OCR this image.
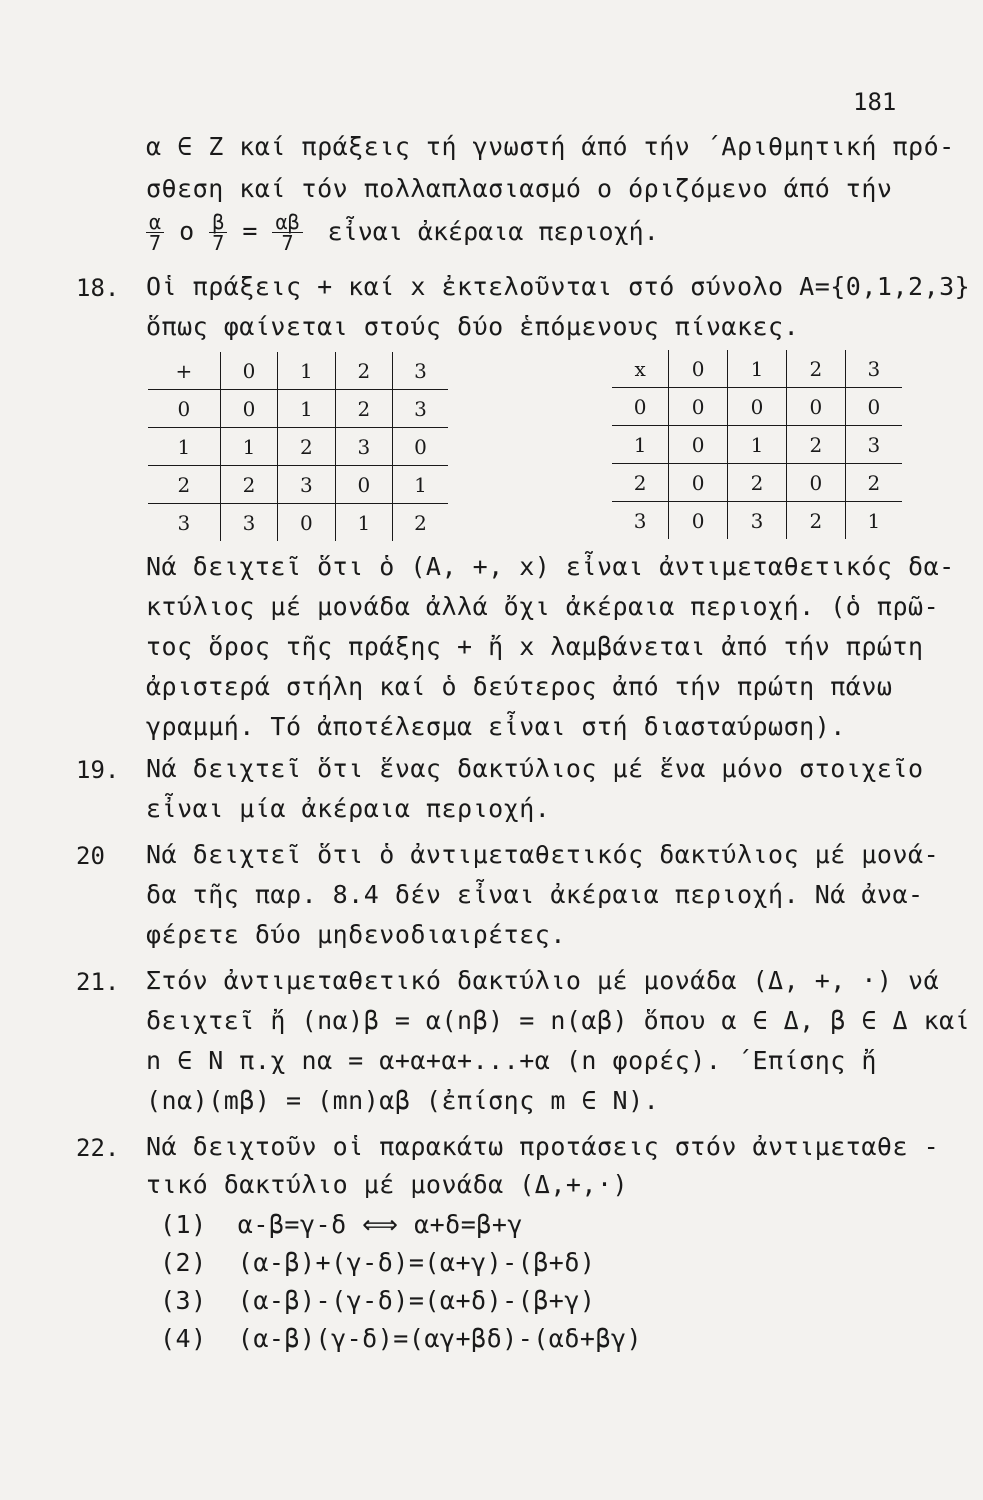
181
α ∈ Z καί πράξεις τή γνωστή άπό τήν ΄Αριθμητική πρό-
σθεση καί τόν πολλαπλασιασμό ο όριζόμενο άπό τήν
$\frac{\alpha}{7}$ ο $\frac{\beta}{7} = \frac{\alpha\beta}{7}$ εἶναι ἀκέραια περιοχή.
18. Οἱ πράξεις + καί x ἐκτελοῦνται στό σύνολο A={0,1,2,3}
ὅπως φαίνεται στούς δύο ἑπόμενους πίνακες.
+	0	1	2	3
0	0	1	2	3
1	1	2	3	0
2	2	3	0	1
3	3	0	1	2
x	0	1	2	3
0	0	0	0	0
1	0	1	2	3
2	0	2	0	2
3	0	3	2	1
Νά δειχτεῖ ὅτι ὁ (A, +, x) εἶναι ἀντιμεταθετικός δα-
κτύλιος μέ μονάδα ἀλλά ὄχι ἀκέραια περιοχή. (ὁ πρῶ-
τος ὅρος τῆς πράξης + ἤ x λαμβάνεται ἀπό τήν πρώτη
ἀριστερά στήλη καί ὁ δεύτερος ἀπό τήν πρώτη πάνω
γραμμή. Τό ἀποτέλεσμα εἶναι στή διασταύρωση).
19. Νά δειχτεῖ ὅτι ἕνας δακτύλιος μέ ἕνα μόνο στοιχεῖο
εἶναι μία ἀκέραια περιοχή.
20 Νά δειχτεῖ ὅτι ὁ ἀντιμεταθετικός δακτύλιος μέ μονά-
δα τῆς παρ. 8.4 δέν εἶναι ἀκέραια περιοχή. Νά ἀνα-
φέρετε δύο μηδενοδιαιρέτες.
21. Στόν ἀντιμεταθετικό δακτύλιο μέ μονάδα (Δ, +, ·) νά
δειχτεῖ ἤ (nα)β = α(nβ) = n(αβ) ὅπου α ∈ Δ, β ∈ Δ καί
n ∈ N π.χ nα = α+α+α+...+α (n φορές). ΄Επίσης ἤ
(nα)(mβ) = (mn)αβ (ἐπίσης m ∈ N).
22. Νά δειχτοῦν οἱ παρακάτω προτάσεις στόν ἀντιμεταθε -
τικό δακτύλιο μέ μονάδα (Δ,+,·)
(1) α-β=γ-δ ⟺ α+δ=β+γ
(2) (α-β)+(γ-δ)=(α+γ)-(β+δ)
(3) (α-β)-(γ-δ)=(α+δ)-(β+γ)
(4) (α-β)(γ-δ)=(αγ+βδ)-(αδ+βγ)
